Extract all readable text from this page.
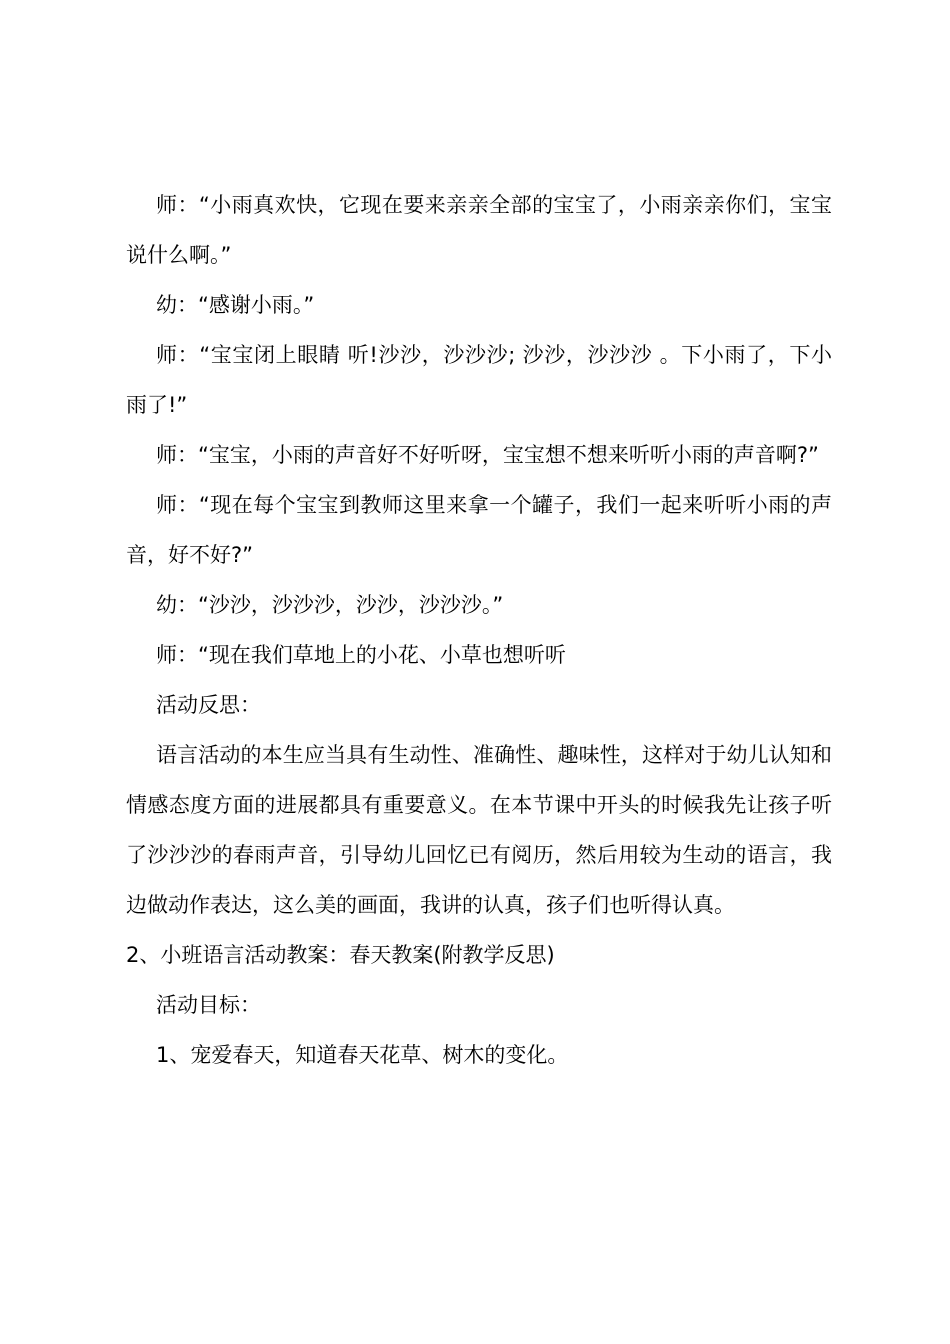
师：“小雨真欢快，它现在要来亲亲全部的宝宝了，小雨亲亲你们，宝宝说什么啊。”

幼：“感谢小雨。”

师：“宝宝闭上眼睛 听!沙沙，沙沙沙; 沙沙，沙沙沙 。下小雨了，下小雨了!”

师：“宝宝，小雨的声音好不好听呀，宝宝想不想来听听小雨的声音啊?”

师：“现在每个宝宝到教师这里来拿一个罐子，我们一起来听听小雨的声音，好不好?”

幼：“沙沙，沙沙沙，沙沙，沙沙沙。”

师：“现在我们草地上的小花、小草也想听听

活动反思：

语言活动的本生应当具有生动性、准确性、趣味性，这样对于幼儿认知和情感态度方面的进展都具有重要意义。在本节课中开头的时候我先让孩子听了沙沙沙的春雨声音，引导幼儿回忆已有阅历，然后用较为生动的语言，我边做动作表达，这么美的画面，我讲的认真，孩子们也听得认真。

2、小班语言活动教案：春天教案(附教学反思)

活动目标：

1、宠爱春天，知道春天花草、树木的变化。
